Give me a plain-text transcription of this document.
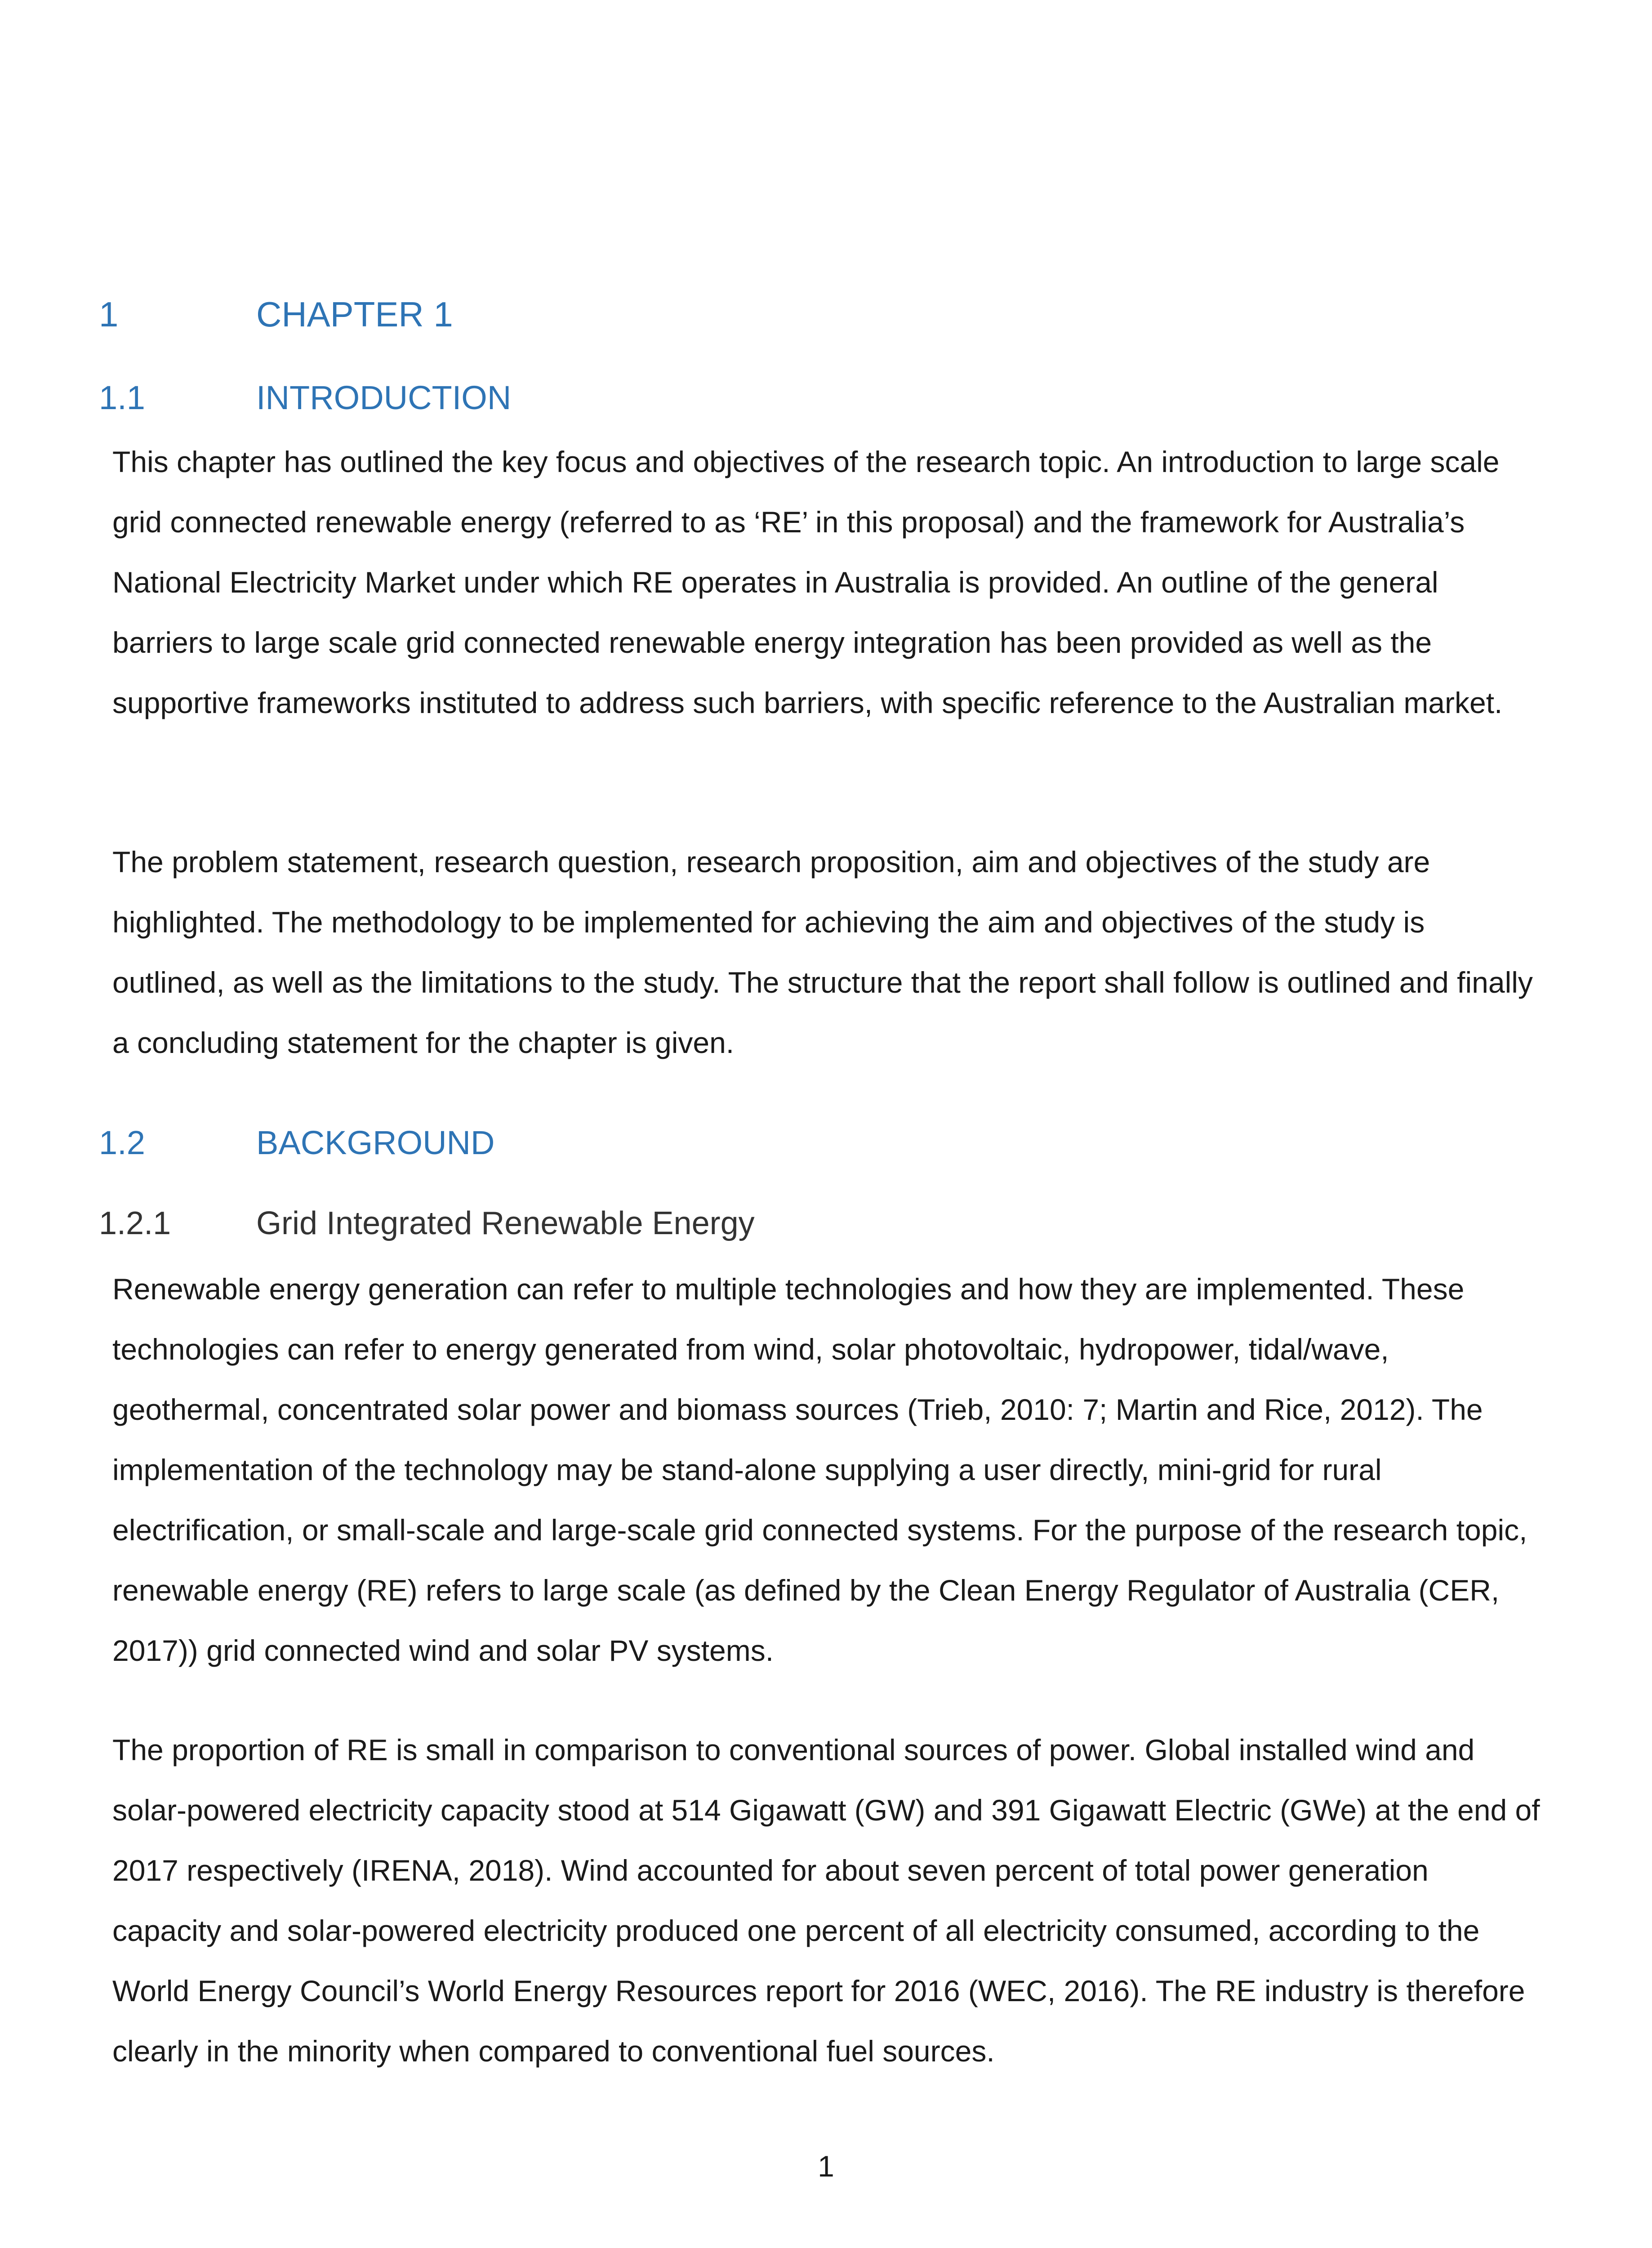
1	CHAPTER 1
1.1	INTRODUCTION

This chapter has outlined the key focus and objectives of the research topic. An introduction to large scale grid connected renewable energy (referred to as ‘RE’ in this proposal) and the framework for Australia’s National Electricity Market under which RE operates in Australia is provided. An outline of the general barriers to large scale grid connected renewable energy integration has been provided as well as the supportive frameworks instituted to address such barriers, with specific reference to the Australian market.

The problem statement, research question, research proposition, aim and objectives of the study are highlighted. The methodology to be implemented for achieving the aim and objectives of the study is outlined, as well as the limitations to the study. The structure that the report shall follow is outlined and finally a concluding statement for the chapter is given.

1.2	BACKGROUND
1.2.1	Grid Integrated Renewable Energy

Renewable energy generation can refer to multiple technologies and how they are implemented. These technologies can refer to energy generated from wind, solar photovoltaic, hydropower, tidal/wave, geothermal, concentrated solar power and biomass sources (Trieb, 2010: 7; Martin and Rice, 2012). The implementation of the technology may be stand-alone supplying a user directly, mini-grid for rural electrification, or small-scale and large-scale grid connected systems. For the purpose of the research topic, renewable energy (RE) refers to large scale (as defined by the Clean Energy Regulator of Australia (CER, 2017)) grid connected wind and solar PV systems.

The proportion of RE is small in comparison to conventional sources of power. Global installed wind and solar-powered electricity capacity stood at 514 Gigawatt (GW) and 391 Gigawatt Electric (GWe) at the end of 2017 respectively (IRENA, 2018). Wind accounted for about seven percent of total power generation capacity and solar-powered electricity produced one percent of all electricity consumed, according to the World Energy Council’s World Energy Resources report for 2016 (WEC, 2016). The RE industry is therefore clearly in the minority when compared to conventional fuel sources.

1
